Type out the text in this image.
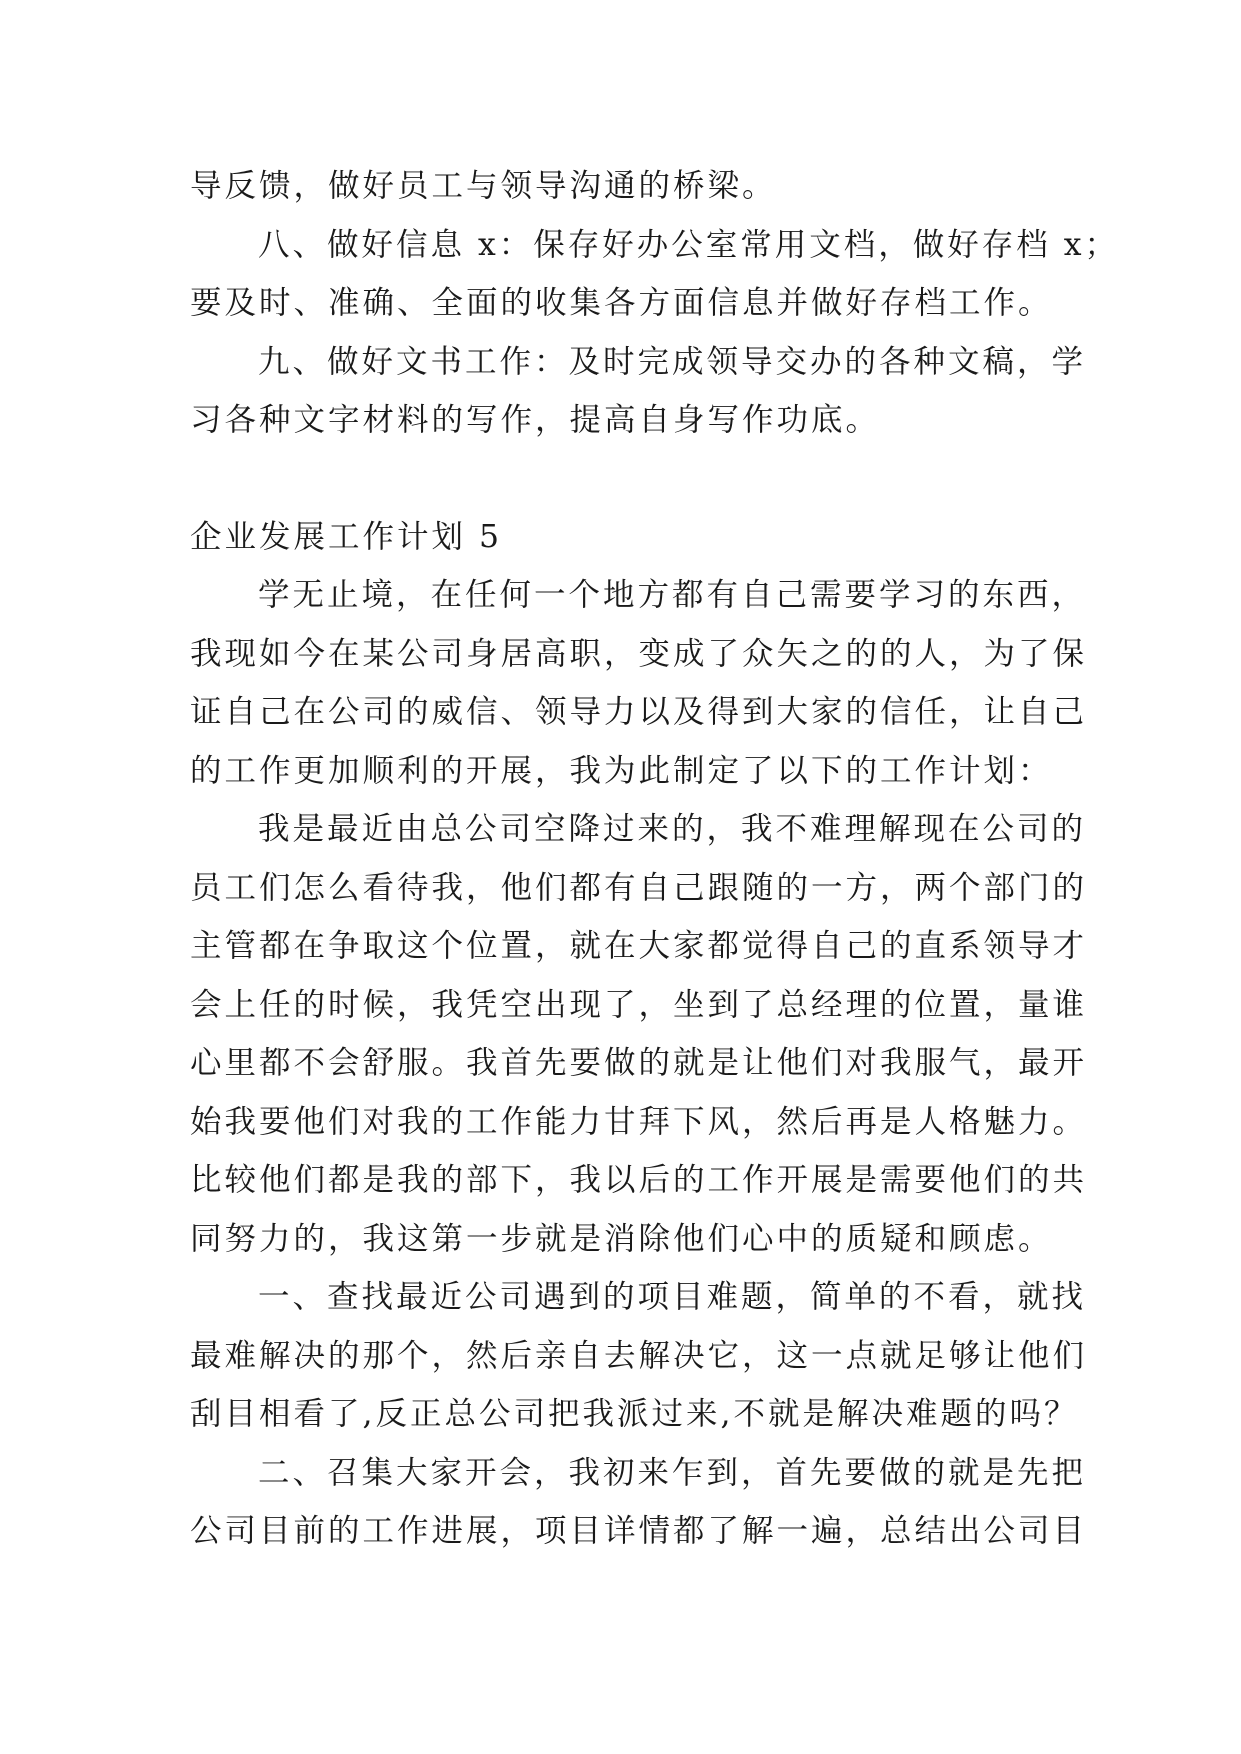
导反馈，做好员工与领导沟通的桥梁。

八、做好信息 x：保存好办公室常用文档，做好存档 x；
要及时、准确、全面的收集各方面信息并做好存档工作。

九、做好文书工作：及时完成领导交办的各种文稿，学
习各种文字材料的写作，提高自身写作功底。

企业发展工作计划 5

学无止境，在任何一个地方都有自己需要学习的东西，
我现如今在某公司身居高职，变成了众矢之的的人，为了保
证自己在公司的威信、领导力以及得到大家的信任，让自己
的工作更加顺利的开展，我为此制定了以下的工作计划：

我是最近由总公司空降过来的，我不难理解现在公司的
员工们怎么看待我，他们都有自己跟随的一方，两个部门的
主管都在争取这个位置，就在大家都觉得自己的直系领导才
会上任的时候，我凭空出现了，坐到了总经理的位置，量谁
心里都不会舒服。我首先要做的就是让他们对我服气，最开
始我要他们对我的工作能力甘拜下风，然后再是人格魅力。
比较他们都是我的部下，我以后的工作开展是需要他们的共
同努力的，我这第一步就是消除他们心中的质疑和顾虑。

一、查找最近公司遇到的项目难题，简单的不看，就找
最难解决的那个，然后亲自去解决它，这一点就足够让他们
刮目相看了,反正总公司把我派过来,不就是解决难题的吗？

二、召集大家开会，我初来乍到，首先要做的就是先把
公司目前的工作进展，项目详情都了解一遍，总结出公司目
